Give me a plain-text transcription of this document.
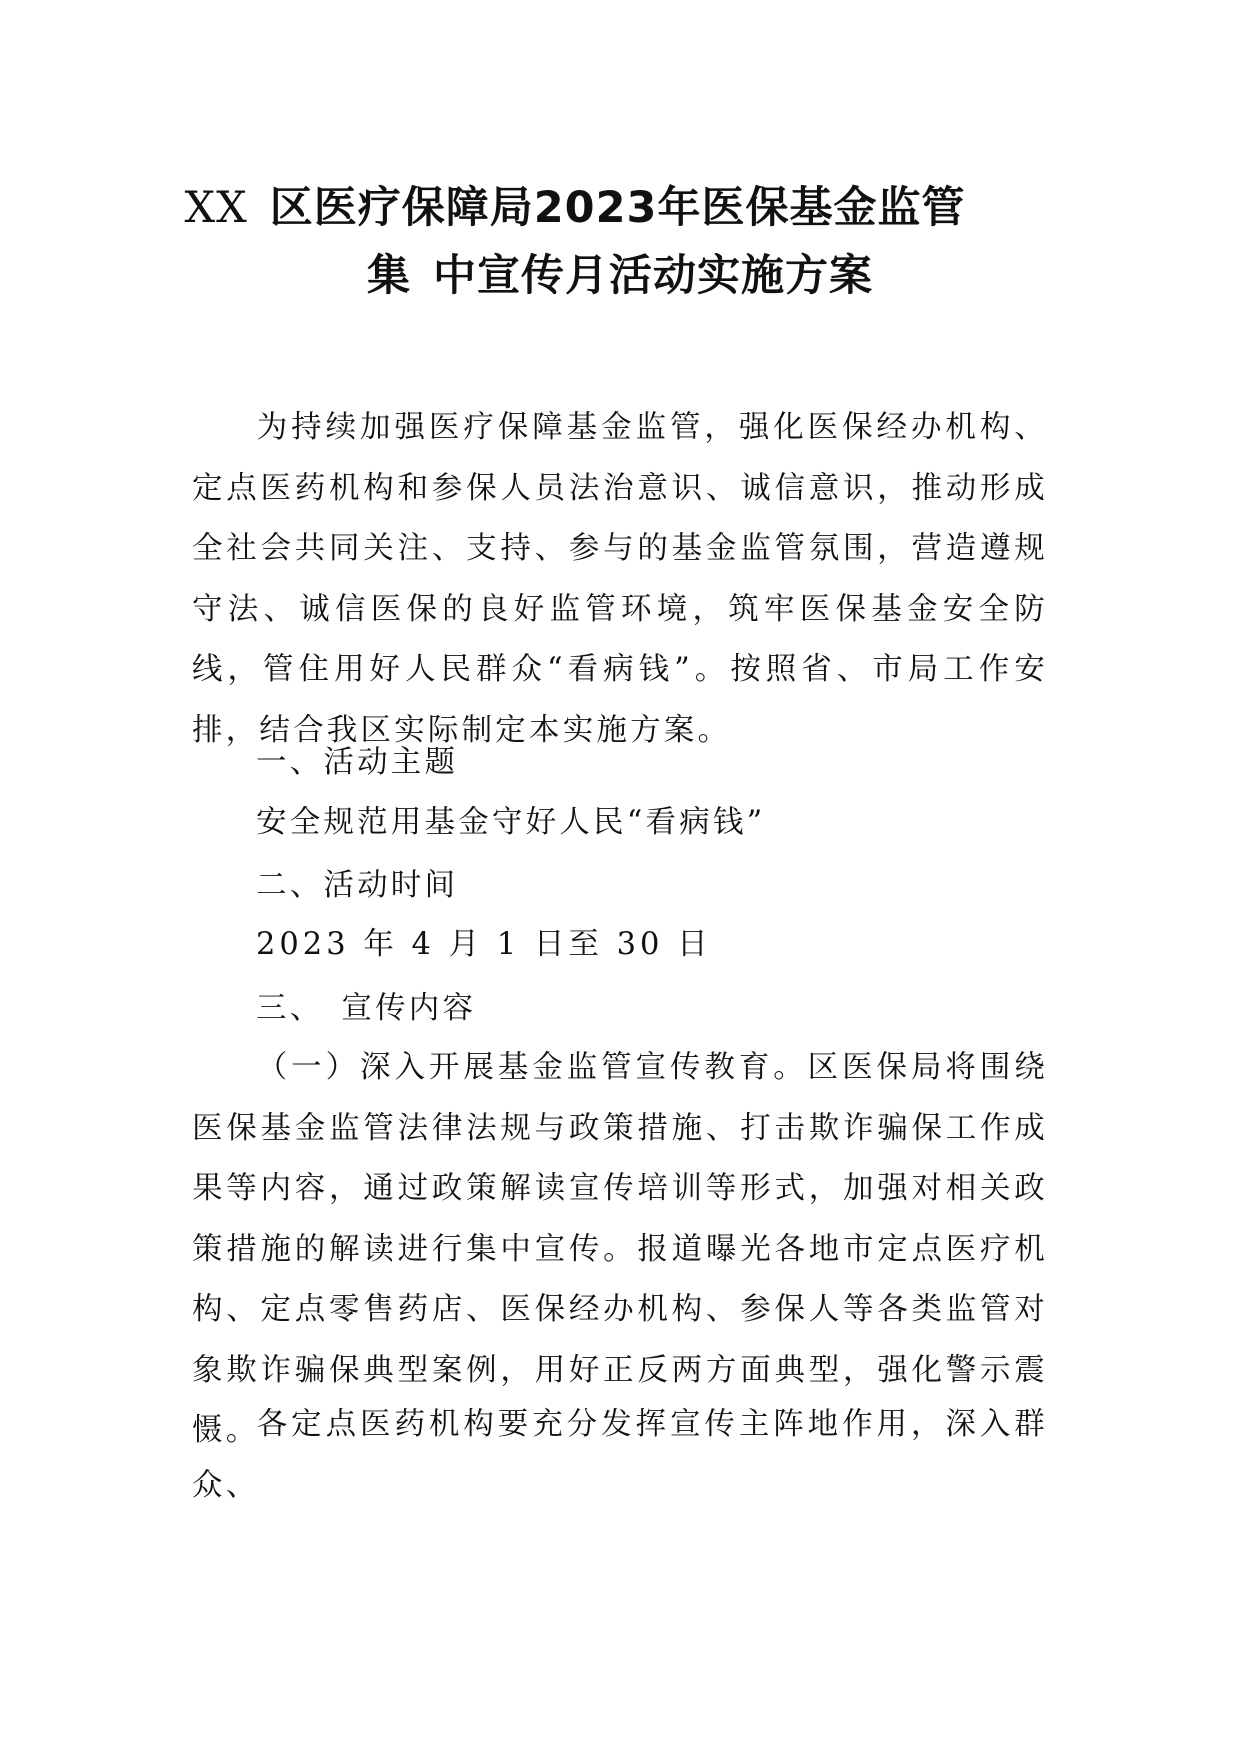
XX 区医疗保障局2023年医保基金监管
集 中宣传月活动实施方案
为持续加强医疗保障基金监管，强化医保经办机构、定点医药机构和参保人员法治意识、诚信意识，推动形成全社会共同关注、支持、参与的基金监管氛围，营造遵规守法、诚信医保的良好监管环境，筑牢医保基金安全防线，管住用好人民群众“看病钱”。按照省、市局工作安排，结合我区实际制定本实施方案。
一、活动主题
安全规范用基金守好人民“看病钱”
二、活动时间
2023 年 4 月 1 日至 30 日
三、 宣传内容
（一）深入开展基金监管宣传教育。区医保局将围绕医保基金监管法律法规与政策措施、打击欺诈骗保工作成果等内容，通过政策解读宣传培训等形式，加强对相关政策措施的解读进行集中宣传。报道曝光各地市定点医疗机构、定点零售药店、医保经办机构、参保人等各类监管对象欺诈骗保典型案例，用好正反两方面典型，强化警示震慑。
各定点医药机构要充分发挥宣传主阵地作用，深入群众、
